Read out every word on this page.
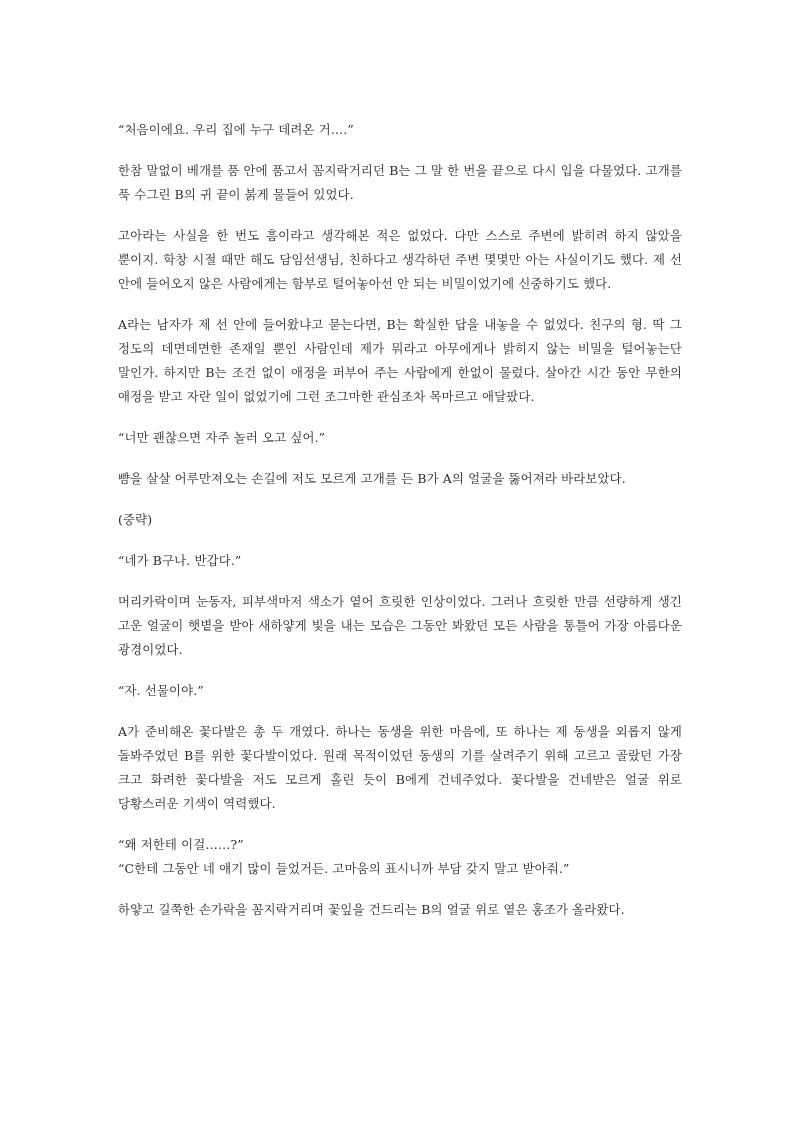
“처음이에요. 우리 집에 누구 데려온 거….”

한참 말없이 베개를 품 안에 품고서 꼼지락거리던 B는 그 말 한 번을 끝으로 다시 입을 다물었다. 고개를 푹 수그린 B의 귀 끝이 붉게 물들어 있었다.

고아라는 사실을 한 번도 흠이라고 생각해본 적은 없었다. 다만 스스로 주변에 밝히려 하지 않았을 뿐이지. 학창 시절 때만 해도 담임선생님, 친하다고 생각하던 주변 몇몇만 아는 사실이기도 했다. 제 선 안에 들어오지 않은 사람에게는 함부로 털어놓아선 안 되는 비밀이었기에 신중하기도 했다.

A라는 남자가 제 선 안에 들어왔냐고 묻는다면, B는 확실한 답을 내놓을 수 없었다. 친구의 형. 딱 그 정도의 데면데면한 존재일 뿐인 사람인데 제가 뭐라고 아무에게나 밝히지 않는 비밀을 털어놓는단 말인가. 하지만 B는 조건 없이 애정을 퍼부어 주는 사람에게 한없이 물렀다. 살아간 시간 동안 무한의 애정을 받고 자란 일이 없었기에 그런 조그마한 관심조차 목마르고 애달팠다.

“너만 괜찮으면 자주 놀러 오고 싶어.”

뺨을 살살 어루만져오는 손길에 저도 모르게 고개를 든 B가 A의 얼굴을 뚫어져라 바라보았다.

(중략)

“네가 B구나. 반갑다.”

머리카락이며 눈동자, 피부색마저 색소가 옅어 흐릿한 인상이었다. 그러나 흐릿한 만큼 선량하게 생긴 고운 얼굴이 햇볕을 받아 새하얗게 빛을 내는 모습은 그동안 봐왔던 모든 사람을 통틀어 가장 아름다운 광경이었다.

“자. 선물이야.”

A가 준비해온 꽃다발은 총 두 개였다. 하나는 동생을 위한 마음에, 또 하나는 제 동생을 외롭지 않게 돌봐주었던 B를 위한 꽃다발이었다. 원래 목적이었던 동생의 기를 살려주기 위해 고르고 골랐던 가장 크고 화려한 꽃다발을 저도 모르게 홀린 듯이 B에게 건네주었다. 꽃다발을 건네받은 얼굴 위로 당황스러운 기색이 역력했다.

“왜 저한테 이걸……?”

“C한테 그동안 네 얘기 많이 들었거든. 고마움의 표시니까 부담 갖지 말고 받아줘.”

하얗고 길쭉한 손가락을 꼼지락거리며 꽃잎을 건드리는 B의 얼굴 위로 옅은 홍조가 올라왔다.
